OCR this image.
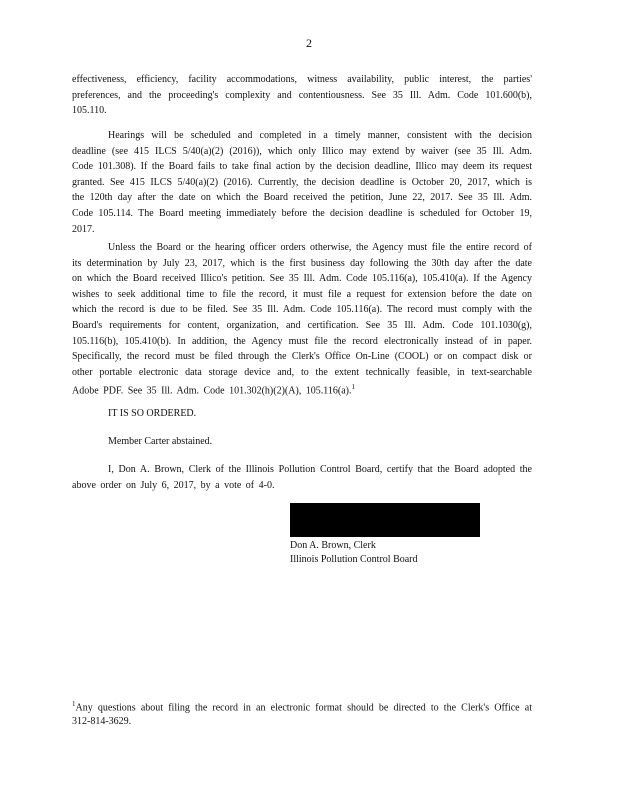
2

effectiveness, efficiency, facility accommodations, witness availability, public interest, the parties' preferences, and the proceeding's complexity and contentiousness. See 35 Ill. Adm. Code 101.600(b), 105.110.

Hearings will be scheduled and completed in a timely manner, consistent with the decision deadline (see 415 ILCS 5/40(a)(2) (2016)), which only Illico may extend by waiver (see 35 Ill. Adm. Code 101.308). If the Board fails to take final action by the decision deadline, Illico may deem its request granted. See 415 ILCS 5/40(a)(2) (2016). Currently, the decision deadline is October 20, 2017, which is the 120th day after the date on which the Board received the petition, June 22, 2017. See 35 Ill. Adm. Code 105.114. The Board meeting immediately before the decision deadline is scheduled for October 19, 2017.

Unless the Board or the hearing officer orders otherwise, the Agency must file the entire record of its determination by July 23, 2017, which is the first business day following the 30th day after the date on which the Board received Illico's petition. See 35 Ill. Adm. Code 105.116(a), 105.410(a). If the Agency wishes to seek additional time to file the record, it must file a request for extension before the date on which the record is due to be filed. See 35 Ill. Adm. Code 105.116(a). The record must comply with the Board's requirements for content, organization, and certification. See 35 Ill. Adm. Code 101.1030(g), 105.116(b), 105.410(b). In addition, the Agency must file the record electronically instead of in paper. Specifically, the record must be filed through the Clerk's Office On-Line (COOL) or on compact disk or other portable electronic data storage device and, to the extent technically feasible, in text-searchable Adobe PDF. See 35 Ill. Adm. Code 101.302(h)(2)(A), 105.116(a).$^1$

IT IS SO ORDERED.
Member Carter abstained.

I, Don A. Brown, Clerk of the Illinois Pollution Control Board, certify that the Board adopted the above order on July 6, 2017, by a vote of 4-0.

Don A. Brown, Clerk
Illinois Pollution Control Board
$^1$Any questions about filing the record in an electronic format should be directed to the Clerk's Office at 312-814-3629.
